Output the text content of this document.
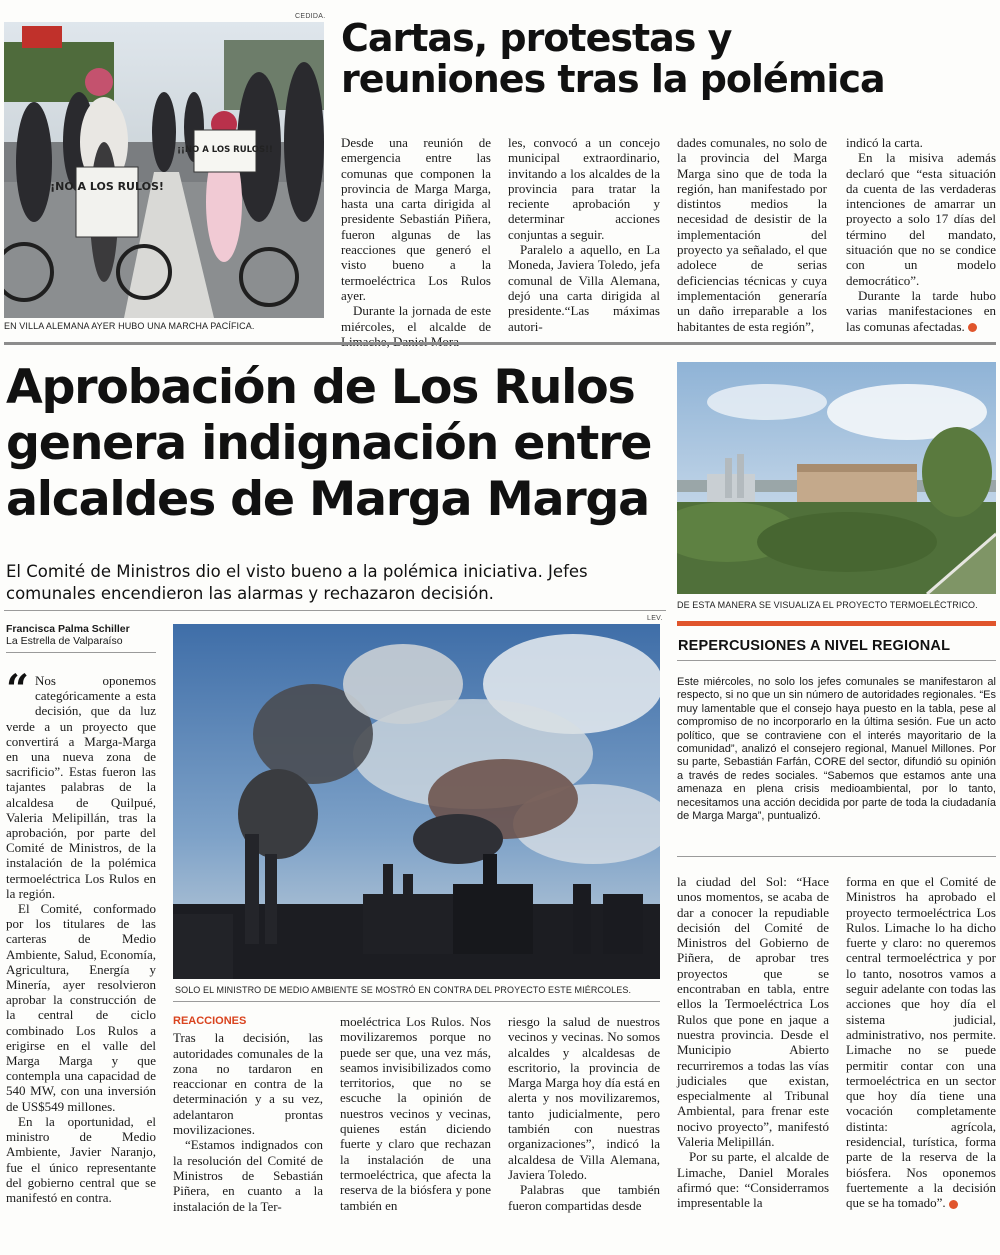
¡NO A LOS RULOS!
¡¡NO A LOS RULOS!!
CEDIDA.
EN VILLA ALEMANA AYER HUBO UNA MARCHA PACÍFICA.
Cartas, protestas y reuniones tras la polémica

Desde una reunión de emergencia entre las comunas que componen la provincia de Marga Marga, hasta una carta dirigida al presidente Sebastián Piñera, fueron algunas de las reacciones que generó el visto bueno a la termoeléctrica Los Rulos ayer.

Durante la jornada de este miércoles, el alcalde de

les, convocó a un concejo municipal extraordinario, invitando a los alcaldes de la provincia para tratar la reciente aprobación y determinar acciones conjuntas a seguir.

Paralelo a aquello, en La Moneda, Javiera Toledo, jefa comunal de Villa Alemana, dejó una carta dirigida al presidente.“Las máximas autori-

dades comunales, no solo de la provincia del Marga Marga sino que de toda la región, han manifestado por distintos medios la necesidad de desistir de la implementación del proyecto ya señalado, el que adolece de serias deficiencias técnicas y cuya implementación generaría un daño irreparable a los habitantes de esta región”,

indicó la carta.

En la misiva además declaró que “esta situación da cuenta de las verdaderas intenciones de amarrar un proyecto a solo 17 días del término del mandato, situación que no se condice con un modelo democrático”.

Durante la tarde hubo varias manifestaciones en las comunas afectadas.

Aprobación de Los Rulos genera indignación entre alcaldes de Marga Marga
El Comité de Ministros dio el visto bueno a la polémica iniciativa. Jefes comunales encendieron las alarmas y rechazaron decisión.
DE ESTA MANERA SE VISUALIZA EL PROYECTO TERMOELÉCTRICO.
Francisca Palma Schiller
La Estrella de Valparaíso
LEV.
SOLO EL MINISTRO DE MEDIO AMBIENTE SE MOSTRÓ EN CONTRA DEL PROYECTO ESTE MIÉRCOLES.
“ Nos oponemos categóricamente a esta decisión, que da luz verde a un proyecto que convertirá a Marga-Marga en una nueva zona de sacrificio”. Estas fueron las tajantes palabras de la alcaldesa de Quilpué, Valeria Melipillán, tras la aprobación, por parte del Comité de Ministros, de la instalación de la polémica termoeléctrica Los Rulos en la región.

El Comité, conformado por los titulares de las carteras de Medio Ambiente, Salud, Economía, Agricultura, Energía y Minería, ayer resolvieron aprobar la construcción de la central de ciclo combinado Los Rulos a erigirse en el valle del Marga Marga y que contempla una capacidad de 540 MW, con una inversión de US$549 millones.

En la oportunidad, el ministro de Medio Ambiente, Javier Naranjo, fue el único representante del gobierno central que se manifestó en contra.

REACCIONES

Tras la decisión, las autoridades comunales de la zona no tardaron en reaccionar en contra de la determinación y a su vez, adelantaron prontas movilizaciones.

“Estamos indignados con la resolución del Comité de Ministros de Sebastián Piñera, en cuanto a la instalación de la Ter-

moeléctrica Los Rulos. Nos movilizaremos porque no puede ser que, una vez más, seamos invisibilizados como territorios, que no se escuche la opinión de nuestros vecinos y vecinas, quienes están diciendo fuerte y claro que rechazan la instalación de una termoeléctrica, que afecta la reserva de la biósfera y pone también en

riesgo la salud de nuestros vecinos y vecinas. No somos alcaldes y alcaldesas de escritorio, la provincia de Marga Marga hoy día está en alerta y nos movilizaremos, tanto judicialmente, pero también con nuestras organizaciones”, indicó la alcaldesa de Villa Alemana, Javiera Toledo.

Palabras que también fueron compartidas desde

REPERCUSIONES A NIVEL REGIONAL
Este miércoles, no solo los jefes comunales se manifestaron al respecto, si no que un sin número de autoridades regionales. “Es muy lamentable que el consejo haya puesto en la tabla, pese al compromiso de no incorporarlo en la última sesión. Fue un acto político, que se contraviene con el interés mayoritario de la comunidad”, analizó el consejero regional, Manuel Millones. Por su parte, Sebastián Farfán, CORE del sector, difundió su opinión a través de redes sociales. “Sabemos que estamos ante una amenaza en plena crisis medioambiental, por lo tanto, necesitamos una acción decidida por parte de toda la ciudadanía de Marga Marga”, puntualizó.

la ciudad del Sol: “Hace unos momentos, se acaba de dar a conocer la repudiable decisión del Comité de Ministros del Gobierno de Piñera, de aprobar tres proyectos que se encontraban en tabla, entre ellos la Termoeléctrica Los Rulos que pone en jaque a nuestra provincia. Desde el Municipio Abierto recurriremos a todas las vías judiciales que existan, especialmente al Tribunal Ambiental, para frenar este nocivo proyecto”, manifestó Valeria Melipillán.

Por su parte, el alcalde de Limache, Daniel Morales afirmó que: “Considerramos impresentable la

forma en que el Comité de Ministros ha aprobado el proyecto termoeléctrica Los Rulos. Limache lo ha dicho fuerte y claro: no queremos central termoeléctrica y por lo tanto, nosotros vamos a seguir adelante con todas las acciones que hoy día el sistema judicial, administrativo, nos permite. Limache no se puede permitir contar con una termoeléctrica en un sector que hoy día tiene una vocación completamente distinta: agrícola, residencial, turística, forma parte de la reserva de la biósfera. Nos oponemos fuertemente a la decisión que se ha tomado”.
